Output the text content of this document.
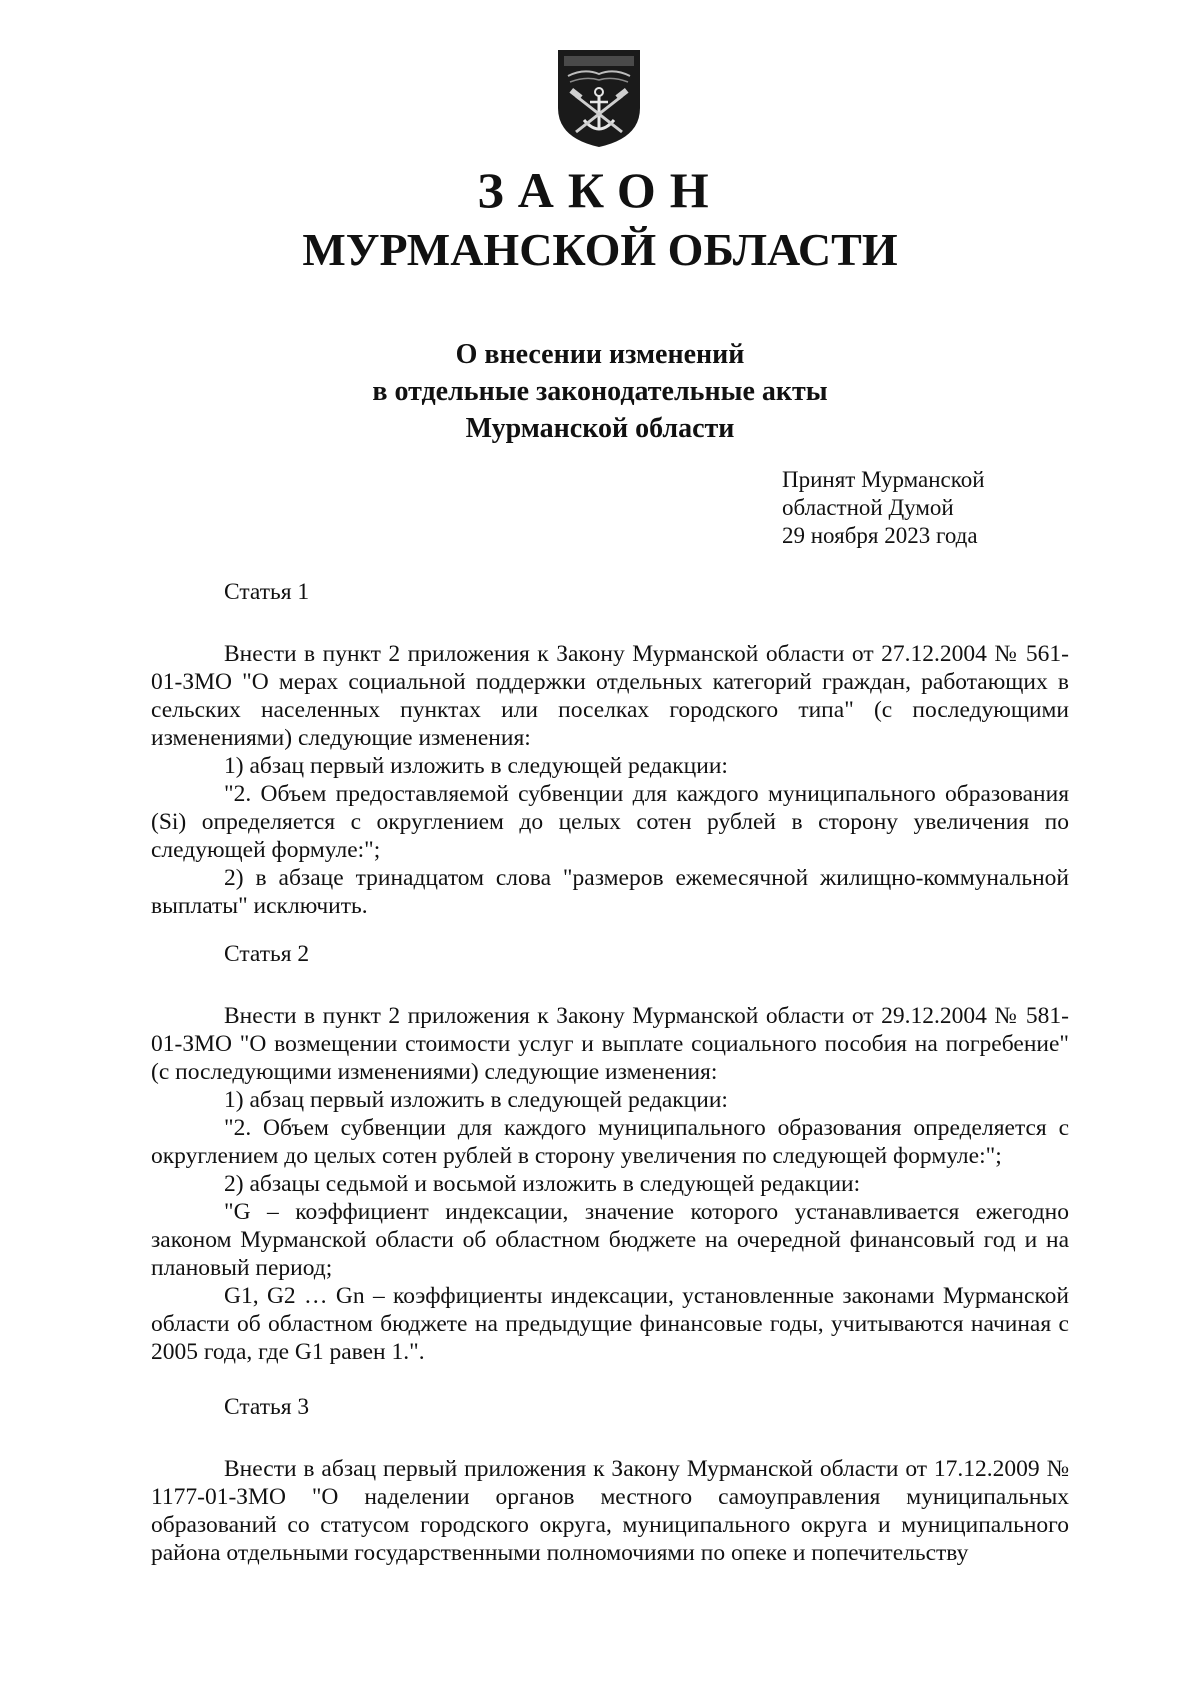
ЗАКОН
МУРМАНСКОЙ ОБЛАСТИ
О внесении изменений
в отдельные законодательные акты
Мурманской области
Принят Мурманской
областной Думой
29 ноября 2023 года
Статья 1

Внести в пункт 2 приложения к Закону Мурманской области от 27.12.2004 № 561-01-ЗМО "О мерах социальной поддержки отдельных категорий граждан, работающих в сельских населенных пунктах или поселках городского типа" (с последующими изменениями) следующие изменения:

1) абзац первый изложить в следующей редакции:

"2. Объем предоставляемой субвенции для каждого муниципального образования (Si) определяется с округлением до целых сотен рублей в сторону увеличения по следующей формуле:";

2) в абзаце тринадцатом слова "размеров ежемесячной жилищно-коммунальной выплаты" исключить.

Статья 2

Внести в пункт 2 приложения к Закону Мурманской области от 29.12.2004 № 581-01-ЗМО "О возмещении стоимости услуг и выплате социального пособия на погребение" (с последующими изменениями) следующие изменения:

1) абзац первый изложить в следующей редакции:

"2. Объем субвенции для каждого муниципального образования определяется с округлением до целых сотен рублей в сторону увеличения по следующей формуле:";

2) абзацы седьмой и восьмой изложить в следующей редакции:

"G – коэффициент индексации, значение которого устанавливается ежегодно законом Мурманской области об областном бюджете на очередной финансовый год и на плановый период;

G1, G2 … Gn – коэффициенты индексации, установленные законами Мурманской области об областном бюджете на предыдущие финансовые годы, учитываются начиная с 2005 года, где G1 равен 1.".

Статья 3

Внести в абзац первый приложения к Закону Мурманской области от 17.12.2009 № 1177-01-ЗМО "О наделении органов местного самоуправления муниципальных образований со статусом городского округа, муниципального округа и муниципального района отдельными государственными полномочиями по опеке и попечительству
